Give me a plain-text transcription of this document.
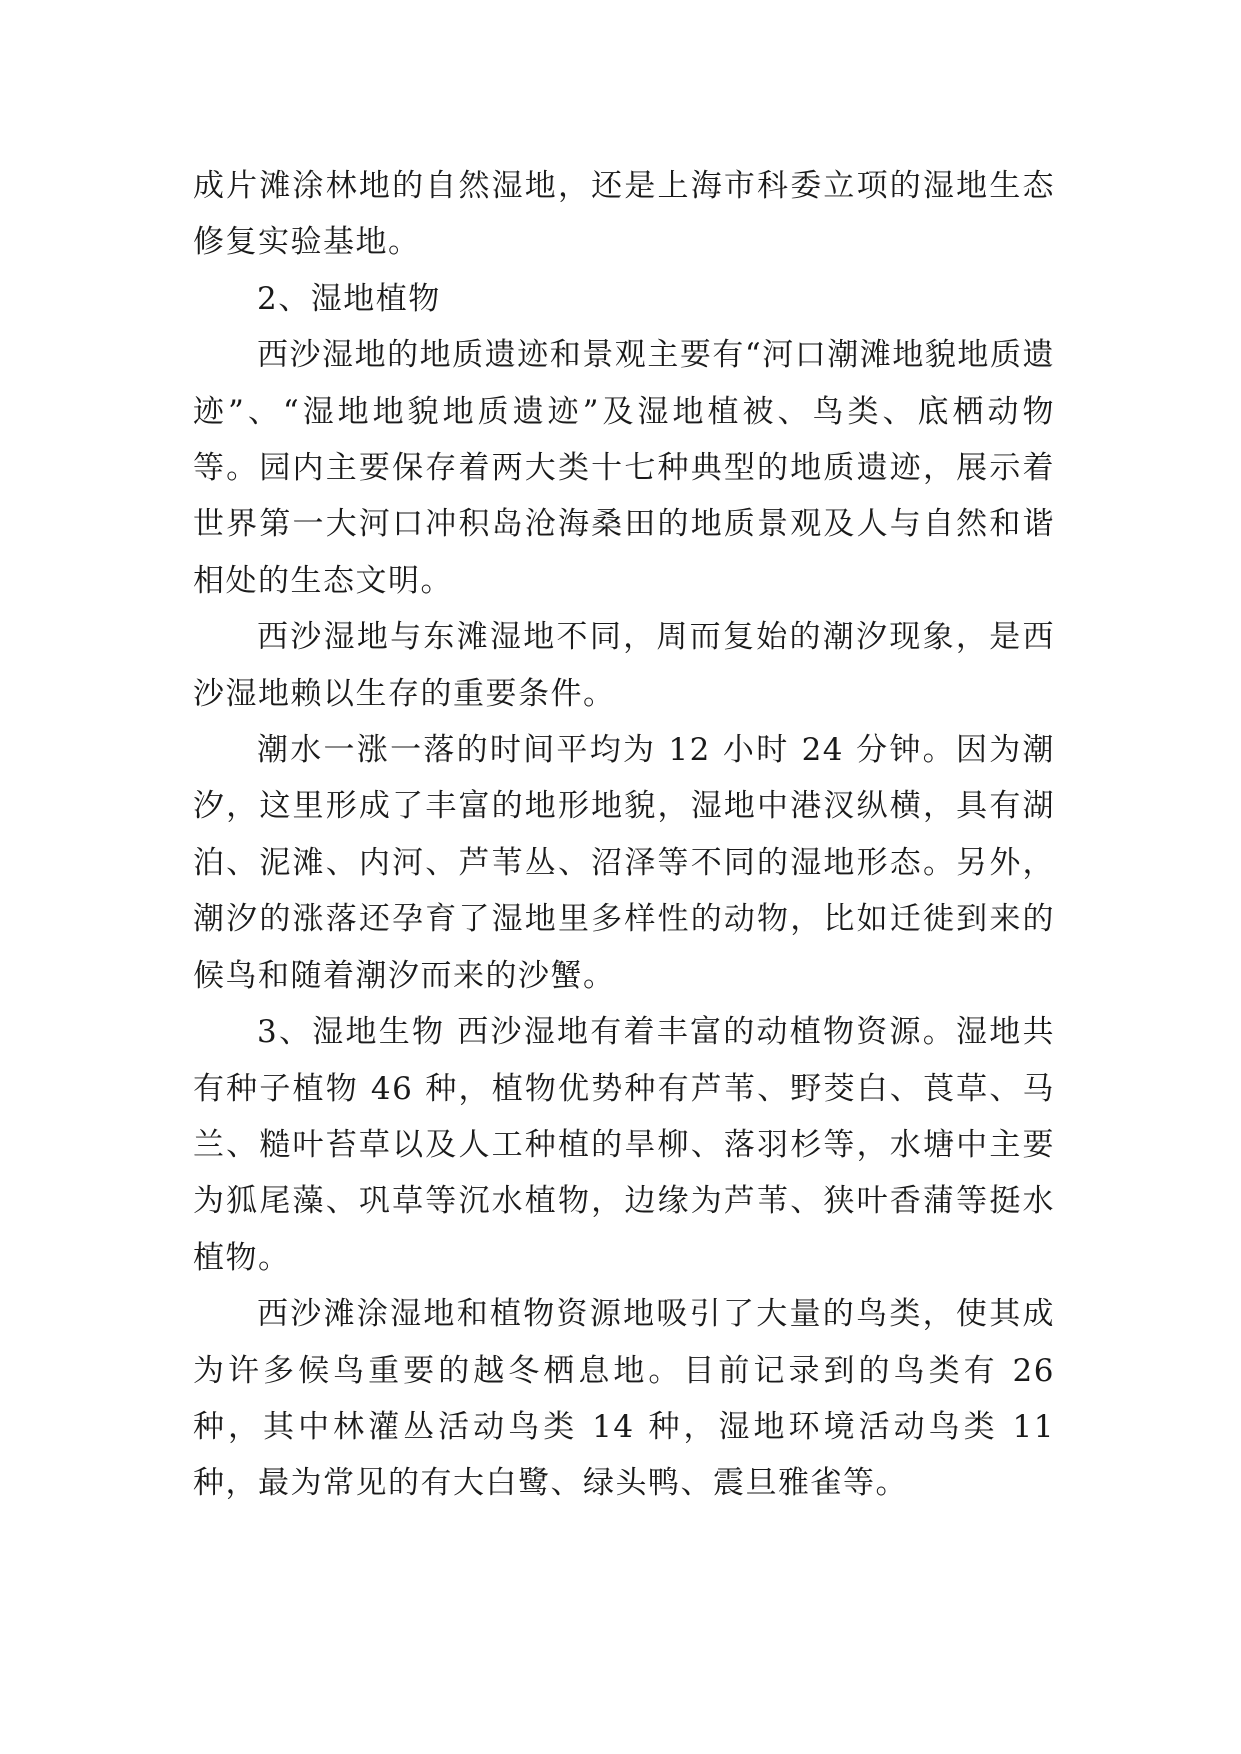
成片滩涂林地的自然湿地，还是上海市科委立项的湿地生态修复实验基地。

2、湿地植物

西沙湿地的地质遗迹和景观主要有“河口潮滩地貌地质遗迹”、“湿地地貌地质遗迹”及湿地植被、鸟类、底栖动物等。园内主要保存着两大类十七种典型的地质遗迹，展示着世界第一大河口冲积岛沧海桑田的地质景观及人与自然和谐相处的生态文明。

西沙湿地与东滩湿地不同，周而复始的潮汐现象，是西沙湿地赖以生存的重要条件。

潮水一涨一落的时间平均为 12 小时 24 分钟。因为潮汐，这里形成了丰富的地形地貌，湿地中港汊纵横，具有湖泊、泥滩、内河、芦苇丛、沼泽等不同的湿地形态。另外，潮汐的涨落还孕育了湿地里多样性的动物，比如迁徙到来的候鸟和随着潮汐而来的沙蟹。

3、湿地生物 西沙湿地有着丰富的动植物资源。湿地共有种子植物 46 种，植物优势种有芦苇、野茭白、莨草、马兰、糙叶苔草以及人工种植的旱柳、落羽杉等，水塘中主要为狐尾藻、巩草等沉水植物，边缘为芦苇、狭叶香蒲等挺水植物。

西沙滩涂湿地和植物资源地吸引了大量的鸟类，使其成为许多候鸟重要的越冬栖息地。目前记录到的鸟类有 26 种，其中林灌丛活动鸟类 14 种，湿地环境活动鸟类 11 种，最为常见的有大白鹭、绿头鸭、震旦雅雀等。
